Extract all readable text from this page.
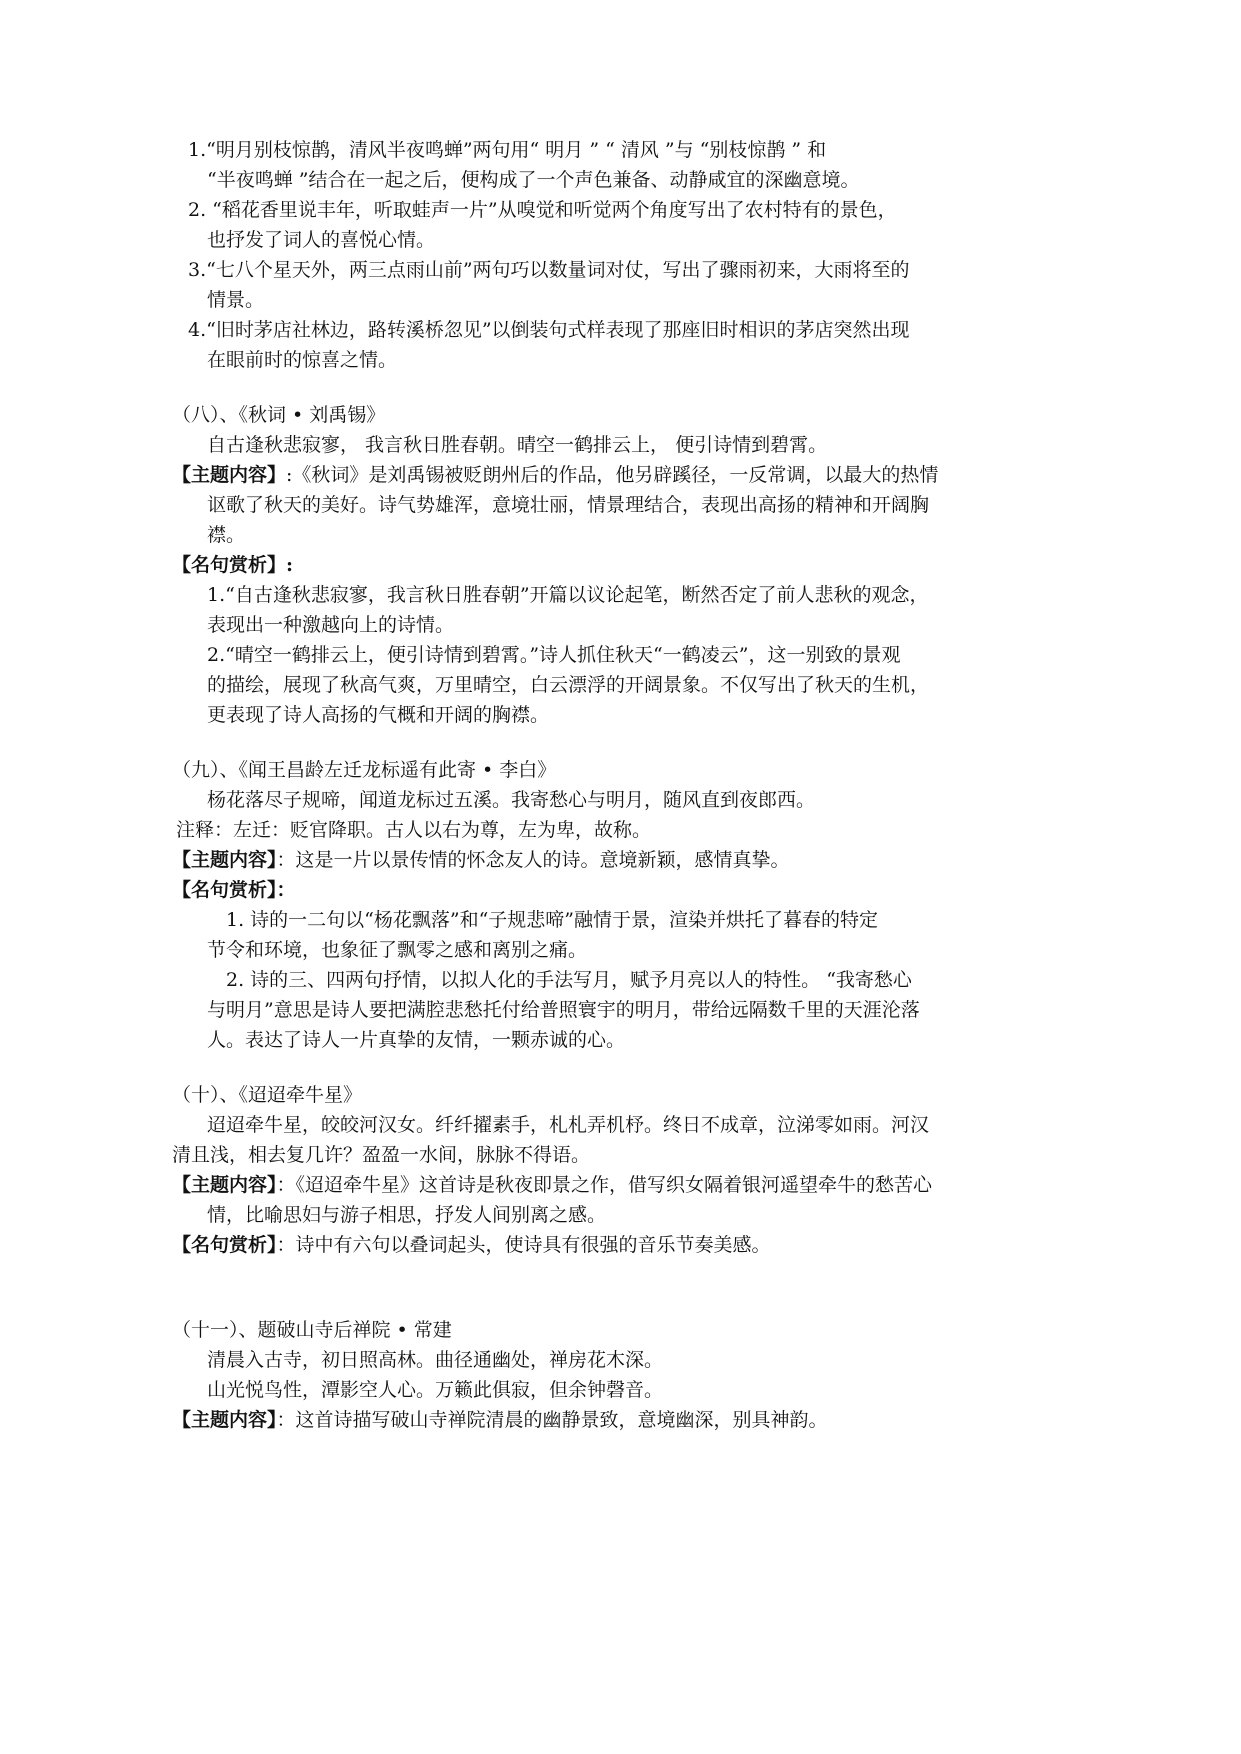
1.“明月别枝惊鹊，清风半夜鸣蝉”两句用“ 明月 ” “ 清风 ”与 “别枝惊鹊 ” 和
“半夜鸣蝉 ”结合在一起之后，便构成了一个声色兼备、动静咸宜的深幽意境。
2. “稻花香里说丰年，听取蛙声一片”从嗅觉和听觉两个角度写出了农村特有的景色，
也抒发了词人的喜悦心情。
3.“七八个星天外，两三点雨山前”两句巧以数量词对仗，写出了骤雨初来，大雨将至的
情景。
4.“旧时茅店社林边，路转溪桥忽见”以倒装句式样表现了那座旧时相识的茅店突然出现
在眼前时的惊喜之情。
（八）、《秋词 • 刘禹锡》
自古逢秋悲寂寥， 我言秋日胜春朝。晴空一鹤排云上， 便引诗情到碧霄。
【主题内容】:《秋词》是刘禹锡被贬朗州后的作品，他另辟蹊径，一反常调，以最大的热情
讴歌了秋天的美好。诗气势雄浑，意境壮丽，情景理结合，表现出高扬的精神和开阔胸
襟。
【名句赏析】:
1.“自古逢秋悲寂寥，我言秋日胜春朝”开篇以议论起笔，断然否定了前人悲秋的观念，
表现出一种激越向上的诗情。
2.“晴空一鹤排云上，便引诗情到碧霄。”诗人抓住秋天“一鹤凌云”，这一别致的景观
的描绘，展现了秋高气爽，万里晴空，白云漂浮的开阔景象。不仅写出了秋天的生机，
更表现了诗人高扬的气概和开阔的胸襟。
（九）、《闻王昌龄左迁龙标遥有此寄 • 李白》
杨花落尽子规啼，闻道龙标过五溪。我寄愁心与明月，随风直到夜郎西。
注释：左迁：贬官降职。古人以右为尊，左为卑，故称。
【主题内容】：这是一片以景传情的怀念友人的诗。意境新颖，感情真挚。
【名句赏析】：
1. 诗的一二句以“杨花飘落”和“子规悲啼”融情于景，渲染并烘托了暮春的特定
节令和环境，也象征了飘零之感和离别之痛。
2. 诗的三、四两句抒情，以拟人化的手法写月，赋予月亮以人的特性。 “我寄愁心
与明月”意思是诗人要把满腔悲愁托付给普照寰宇的明月，带给远隔数千里的天涯沦落
人。表达了诗人一片真挚的友情，一颗赤诚的心。
（十）、《迢迢牵牛星》
迢迢牵牛星，皎皎河汉女。纤纤擢素手，札札弄机杼。终日不成章，泣涕零如雨。河汉
清且浅，相去复几许？盈盈一水间，脉脉不得语。
【主题内容】：《迢迢牵牛星》这首诗是秋夜即景之作，借写织女隔着银河遥望牵牛的愁苦心
情，比喻思妇与游子相思，抒发人间别离之感。
【名句赏析】：诗中有六句以叠词起头，使诗具有很强的音乐节奏美感。
（十一）、题破山寺后禅院 • 常建
清晨入古寺，初日照高林。曲径通幽处，禅房花木深。
山光悦鸟性，潭影空人心。万籁此俱寂，但余钟磬音。
【主题内容】：这首诗描写破山寺禅院清晨的幽静景致，意境幽深，别具神韵。
